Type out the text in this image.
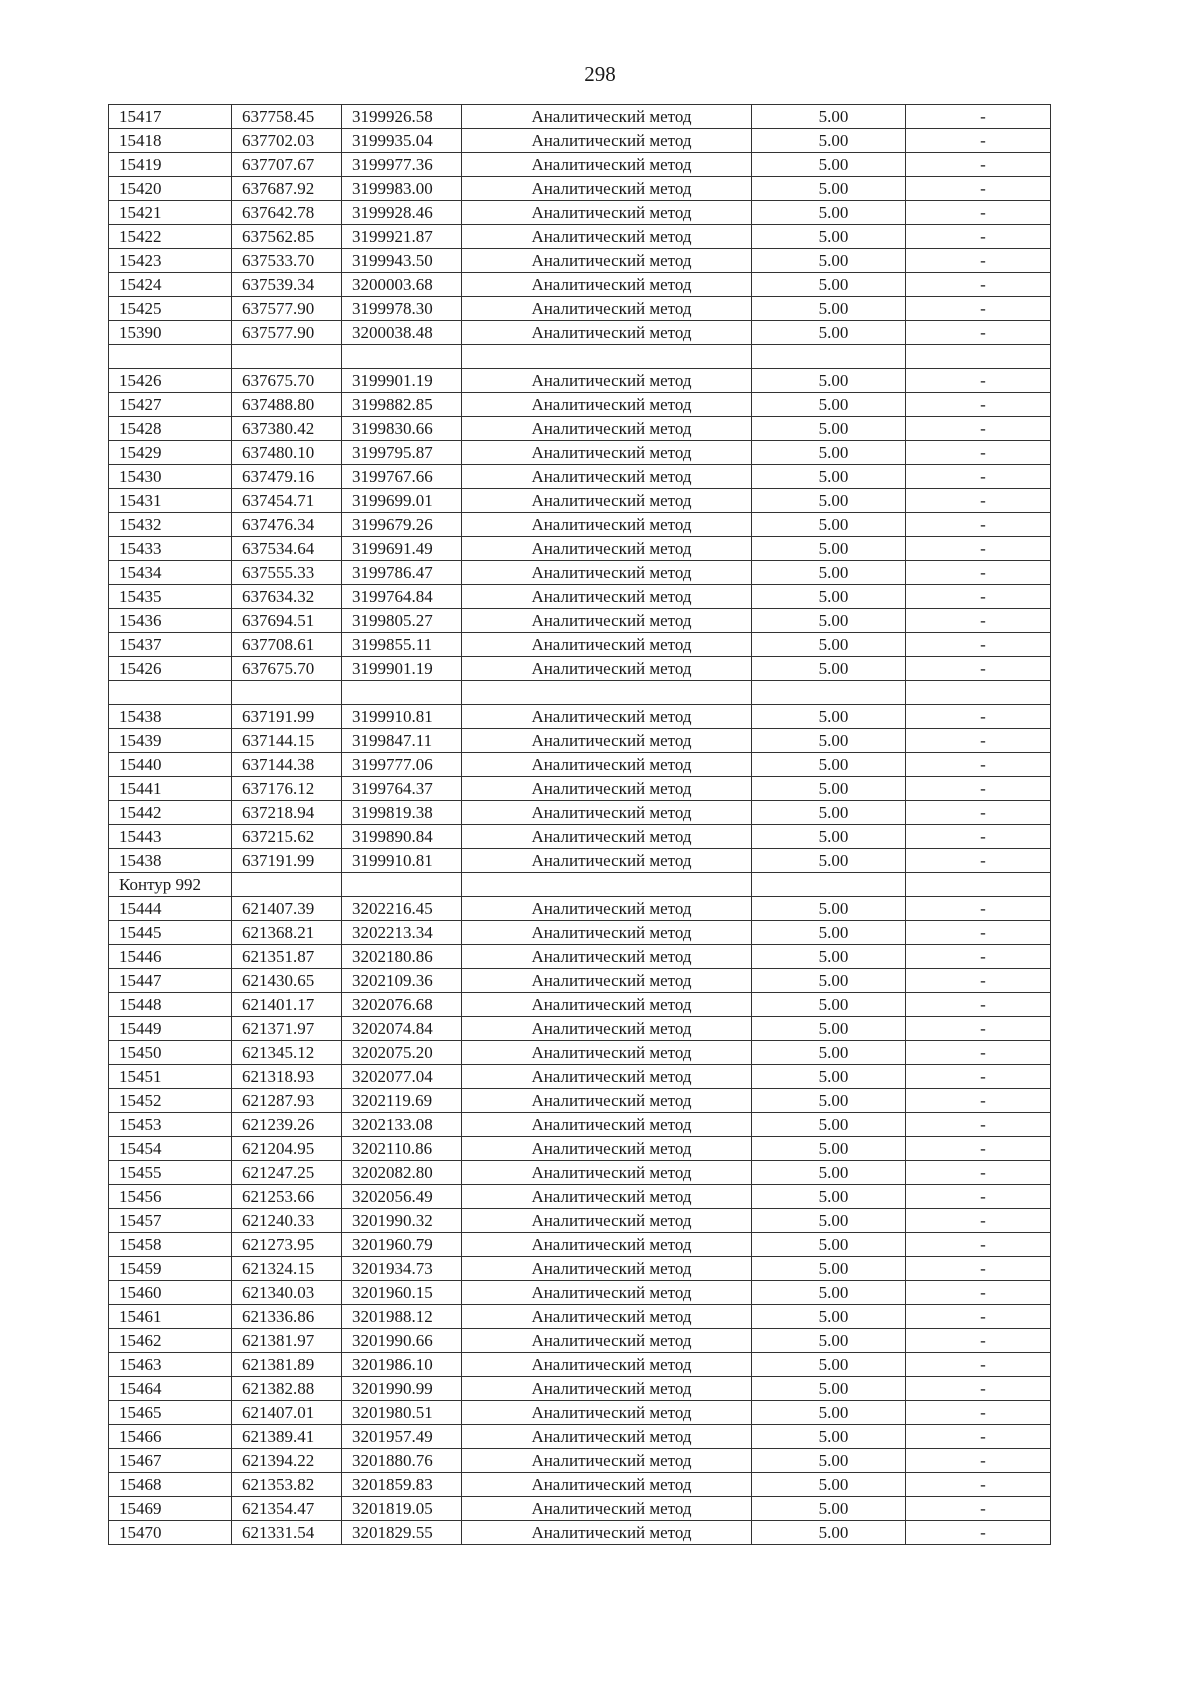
298
15417	637758.45	3199926.58	Аналитический метод	5.00	-
15418	637702.03	3199935.04	Аналитический метод	5.00	-
15419	637707.67	3199977.36	Аналитический метод	5.00	-
15420	637687.92	3199983.00	Аналитический метод	5.00	-
15421	637642.78	3199928.46	Аналитический метод	5.00	-
15422	637562.85	3199921.87	Аналитический метод	5.00	-
15423	637533.70	3199943.50	Аналитический метод	5.00	-
15424	637539.34	3200003.68	Аналитический метод	5.00	-
15425	637577.90	3199978.30	Аналитический метод	5.00	-
15390	637577.90	3200038.48	Аналитический метод	5.00	-

15426	637675.70	3199901.19	Аналитический метод	5.00	-
15427	637488.80	3199882.85	Аналитический метод	5.00	-
15428	637380.42	3199830.66	Аналитический метод	5.00	-
15429	637480.10	3199795.87	Аналитический метод	5.00	-
15430	637479.16	3199767.66	Аналитический метод	5.00	-
15431	637454.71	3199699.01	Аналитический метод	5.00	-
15432	637476.34	3199679.26	Аналитический метод	5.00	-
15433	637534.64	3199691.49	Аналитический метод	5.00	-
15434	637555.33	3199786.47	Аналитический метод	5.00	-
15435	637634.32	3199764.84	Аналитический метод	5.00	-
15436	637694.51	3199805.27	Аналитический метод	5.00	-
15437	637708.61	3199855.11	Аналитический метод	5.00	-
15426	637675.70	3199901.19	Аналитический метод	5.00	-

15438	637191.99	3199910.81	Аналитический метод	5.00	-
15439	637144.15	3199847.11	Аналитический метод	5.00	-
15440	637144.38	3199777.06	Аналитический метод	5.00	-
15441	637176.12	3199764.37	Аналитический метод	5.00	-
15442	637218.94	3199819.38	Аналитический метод	5.00	-
15443	637215.62	3199890.84	Аналитический метод	5.00	-
15438	637191.99	3199910.81	Аналитический метод	5.00	-
Контур 992					
15444	621407.39	3202216.45	Аналитический метод	5.00	-
15445	621368.21	3202213.34	Аналитический метод	5.00	-
15446	621351.87	3202180.86	Аналитический метод	5.00	-
15447	621430.65	3202109.36	Аналитический метод	5.00	-
15448	621401.17	3202076.68	Аналитический метод	5.00	-
15449	621371.97	3202074.84	Аналитический метод	5.00	-
15450	621345.12	3202075.20	Аналитический метод	5.00	-
15451	621318.93	3202077.04	Аналитический метод	5.00	-
15452	621287.93	3202119.69	Аналитический метод	5.00	-
15453	621239.26	3202133.08	Аналитический метод	5.00	-
15454	621204.95	3202110.86	Аналитический метод	5.00	-
15455	621247.25	3202082.80	Аналитический метод	5.00	-
15456	621253.66	3202056.49	Аналитический метод	5.00	-
15457	621240.33	3201990.32	Аналитический метод	5.00	-
15458	621273.95	3201960.79	Аналитический метод	5.00	-
15459	621324.15	3201934.73	Аналитический метод	5.00	-
15460	621340.03	3201960.15	Аналитический метод	5.00	-
15461	621336.86	3201988.12	Аналитический метод	5.00	-
15462	621381.97	3201990.66	Аналитический метод	5.00	-
15463	621381.89	3201986.10	Аналитический метод	5.00	-
15464	621382.88	3201990.99	Аналитический метод	5.00	-
15465	621407.01	3201980.51	Аналитический метод	5.00	-
15466	621389.41	3201957.49	Аналитический метод	5.00	-
15467	621394.22	3201880.76	Аналитический метод	5.00	-
15468	621353.82	3201859.83	Аналитический метод	5.00	-
15469	621354.47	3201819.05	Аналитический метод	5.00	-
15470	621331.54	3201829.55	Аналитический метод	5.00	-
